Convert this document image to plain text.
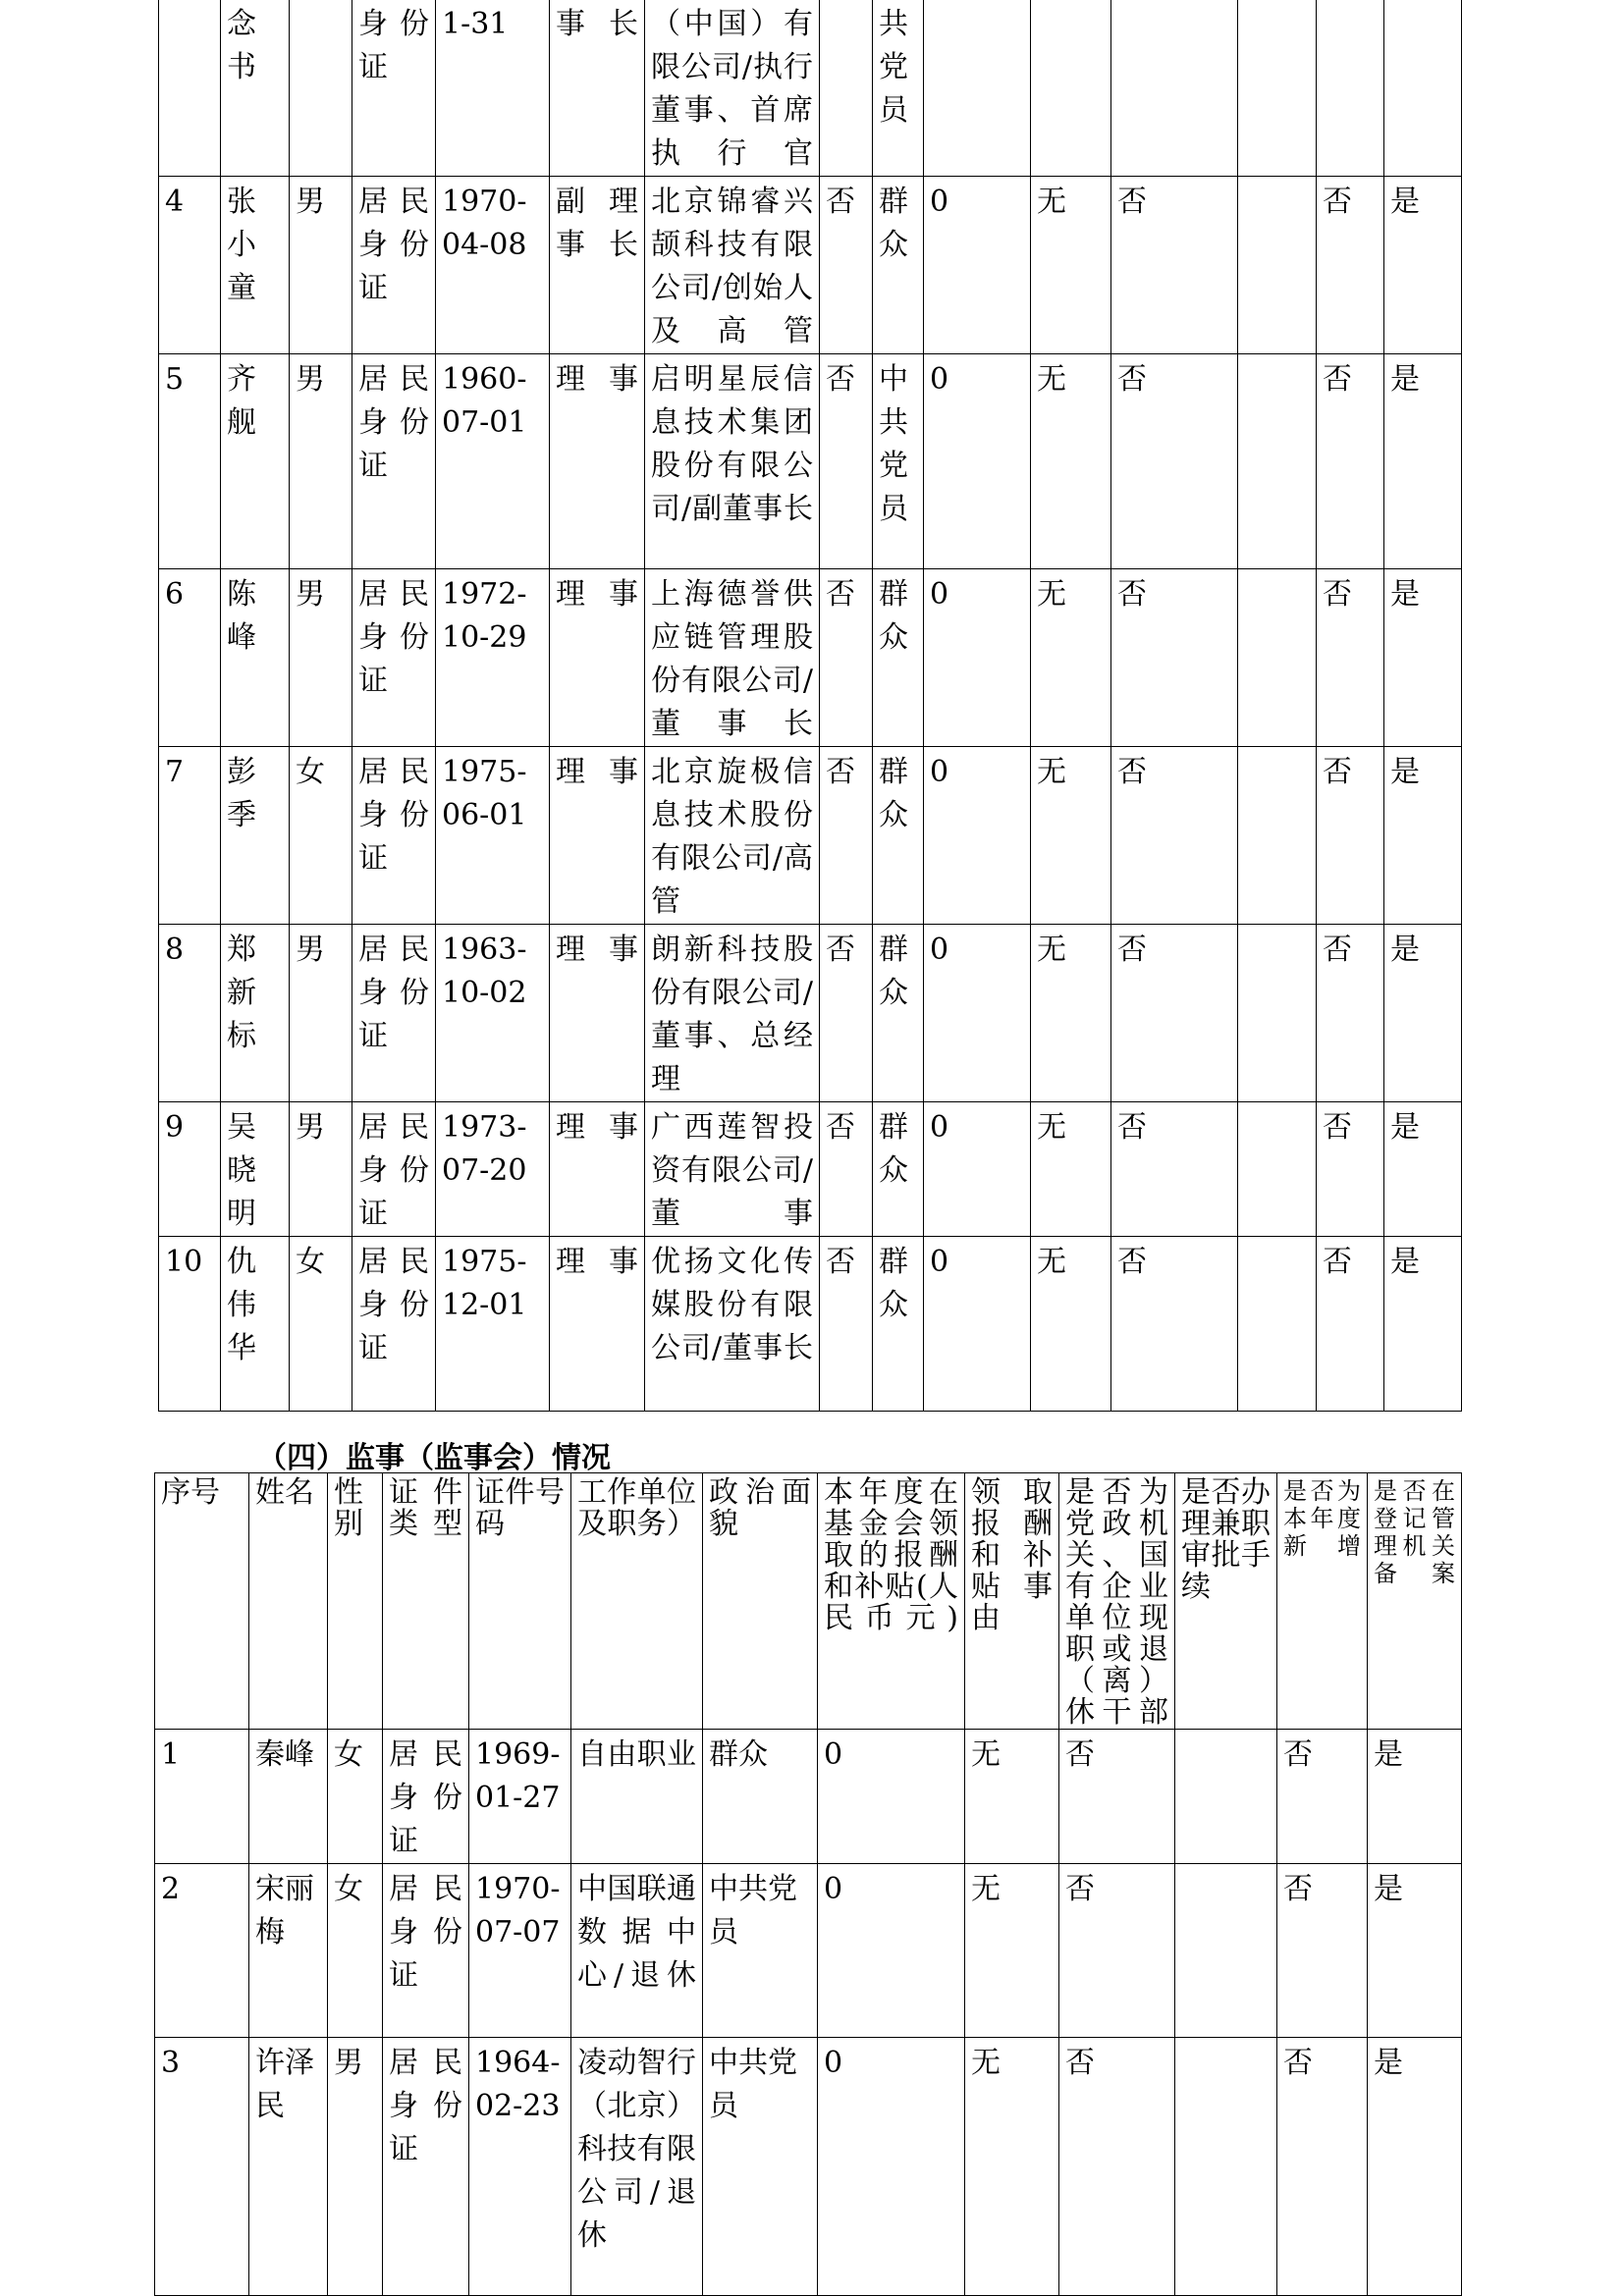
	念书		身份证	1-31	事长	（中国）有限公司/执行董事、首席执行官		共党员						
4	张小童	男	居民身份证	1970-04-08	副理事长	北京锦睿兴颉科技有限公司/创始人及高管	否	群众	0	无	否		否	是
5	齐舰	男	居民身份证	1960-07-01	理事	启明星辰信息技术集团股份有限公司/副董事长	否	中共党员	0	无	否		否	是
6	陈峰	男	居民身份证	1972-10-29	理事	上海德誉供应链管理股份有限公司/董事长	否	群众	0	无	否		否	是
7	彭季	女	居民身份证	1975-06-01	理事	北京旋极信息技术股份有限公司/高管	否	群众	0	无	否		否	是
8	郑新标	男	居民身份证	1963-10-02	理事	朗新科技股份有限公司/董事、总经理	否	群众	0	无	否		否	是
9	吴晓明	男	居民身份证	1973-07-20	理事	广西莲智投资有限公司/董事	否	群众	0	无	否		否	是
10	仇伟华	女	居民身份证	1975-12-01	理事	优扬文化传媒股份有限公司/董事长	否	群众	0	无	否		否	是
（四）监事（监事会）情况
序号	姓名	性别	证件类型	证件号码	工作单位及职务）	政治面貌	本年度在基金会领取的报酬和补贴(人民币元)	领取报酬和补贴事由	是否为党政机关、国有企业单位现职或退（离）休干部	是否办理兼职审批手续	是否为本年度新增	是否在登记管理机关备案
1	秦峰	女	居民身份证	1969-01-27	自由职业	群众	0	无	否		否	是
2	宋丽梅	女	居民身份证	1970-07-07	中国联通数据中心/退休	中共党员	0	无	否		否	是
3	许泽民	男	居民身份证	1964-02-23	凌动智行（北京）科技有限公司/退休	中共党员	0	无	否		否	是
